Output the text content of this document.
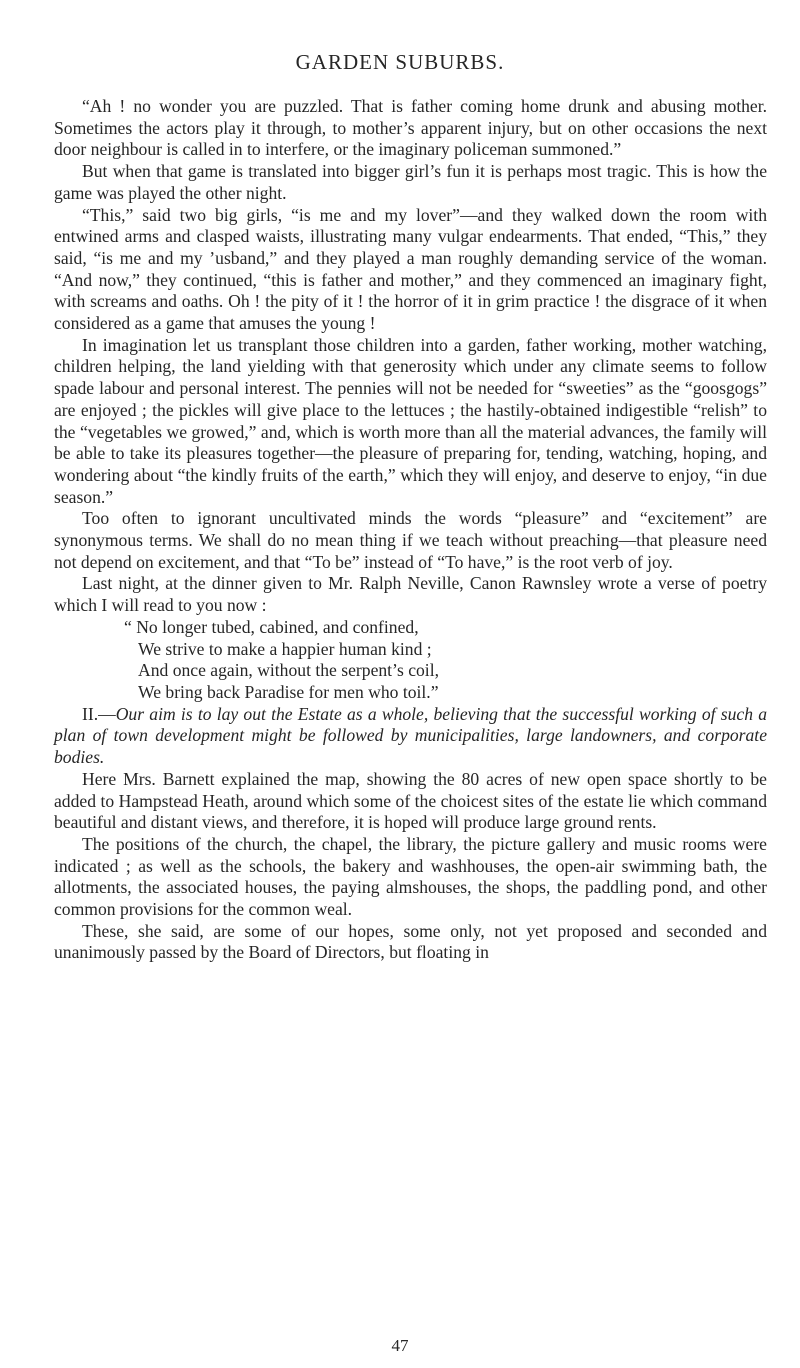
GARDEN SUBURBS.

“Ah ! no wonder you are puzzled. That is father coming home drunk and abusing mother. Sometimes the actors play it through, to mother’s apparent injury, but on other occasions the next door neighbour is called in to interfere, or the imaginary policeman summoned.”

But when that game is translated into bigger girl’s fun it is perhaps most tragic. This is how the game was played the other night.

“This,” said two big girls, “is me and my lover”—and they walked down the room with entwined arms and clasped waists, illustrating many vulgar endearments. That ended, “This,” they said, “is me and my ’usband,” and they played a man roughly demanding service of the woman. “And now,” they continued, “this is father and mother,” and they commenced an imaginary fight, with screams and oaths. Oh ! the pity of it ! the horror of it in grim practice ! the disgrace of it when considered as a game that amuses the young !

In imagination let us transplant those children into a garden, father working, mother watching, children helping, the land yielding with that generosity which under any climate seems to follow spade labour and personal interest. The pennies will not be needed for “sweeties” as the “goosgogs” are enjoyed ; the pickles will give place to the lettuces ; the hastily-obtained indigestible “relish” to the “vegetables we growed,” and, which is worth more than all the material advances, the family will be able to take its pleasures together—the pleasure of preparing for, tending, watching, hoping, and wondering about “the kindly fruits of the earth,” which they will enjoy, and deserve to enjoy, “in due season.”

Too often to ignorant uncultivated minds the words “pleasure” and “excitement” are synonymous terms. We shall do no mean thing if we teach without preaching—that pleasure need not depend on excitement, and that “To be” instead of “To have,” is the root verb of joy.

Last night, at the dinner given to Mr. Ralph Neville, Canon Rawnsley wrote a verse of poetry which I will read to you now :

“ No longer tubed, cabined, and confined,
We strive to make a happier human kind ;
And once again, without the serpent’s coil,
We bring back Paradise for men who toil.”

II.—Our aim is to lay out the Estate as a whole, believing that the successful working of such a plan of town development might be followed by municipalities, large landowners, and corporate bodies.

Here Mrs. Barnett explained the map, showing the 80 acres of new open space shortly to be added to Hampstead Heath, around which some of the choicest sites of the estate lie which command beautiful and distant views, and therefore, it is hoped will produce large ground rents.

The positions of the church, the chapel, the library, the picture gallery and music rooms were indicated ; as well as the schools, the bakery and washhouses, the open-air swimming bath, the allotments, the associated houses, the paying almshouses, the shops, the paddling pond, and other common provisions for the common weal.

These, she said, are some of our hopes, some only, not yet proposed and seconded and unanimously passed by the Board of Directors, but floating in

47
